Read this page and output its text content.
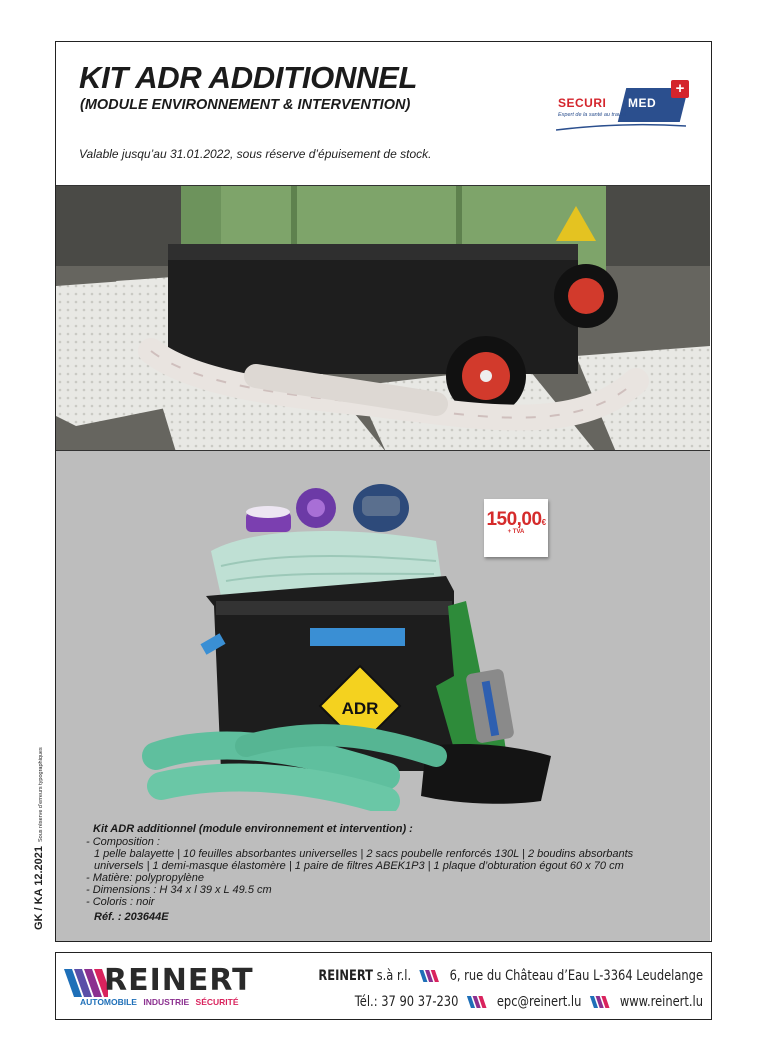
KIT ADR ADDITIONNEL
(MODULE ENVIRONNEMENT & INTERVENTION)
Valable jusqu’au 31.01.2022, sous réserve d’épuisement de stock.
SECURI MED
+
Expert de la santé au travail
ADR
150,00€
+ TVA
Kit ADR additionnel (module environnement et intervention) :
- Composition :
1 pelle balayette | 10 feuilles absorbantes universelles | 2 sacs poubelle renforcés 130L | 2 boudins absorbants
universels | 1 demi-masque élastomère | 1 paire de filtres ABEK1P3 | 1 plaque d’obturation égout 60 x 70 cm
- Matière: polypropylène
- Dimensions : H 34 x l 39 x L 49.5 cm
- Coloris : noir
Réf. : 203644E
GK / KA 12.2021Sous réserve d’erreurs typographiques
REINERT
AUTOMOBILE INDUSTRIE SÉCURITÉ
REINERT s.à r.l.	6, rue du Château d’Eau L-3364 Leudelange
Tél.: 37 90 37-230	epc@reinert.lu	www.reinert.lu
